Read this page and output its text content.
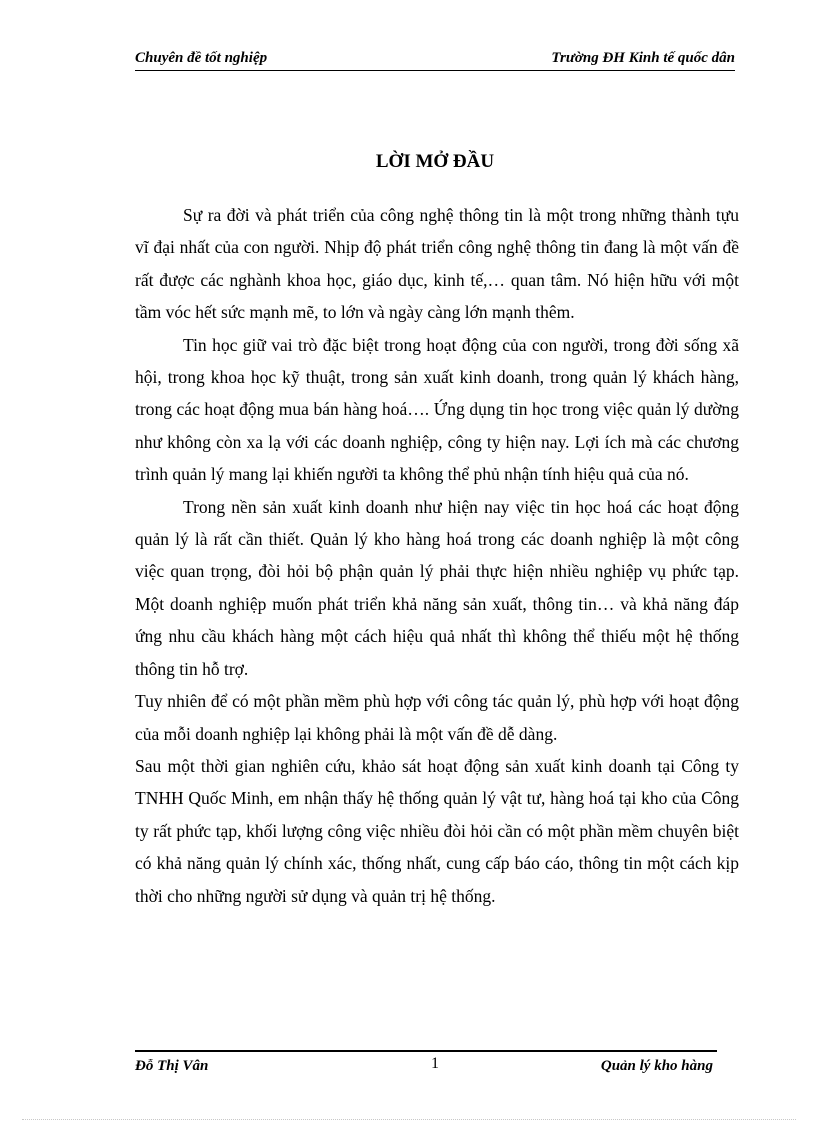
Chuyên đề tốt nghiệp	Trường ĐH Kinh tế quốc dân
LỜI MỞ ĐẦU

Sự ra đời và phát triển của công nghệ thông tin là một trong những thành tựu vĩ đại nhất của con người. Nhịp độ phát triển công nghệ thông tin đang là một vấn đề rất được các nghành khoa học, giáo dục, kinh tế,… quan tâm. Nó hiện hữu với một tầm vóc hết sức mạnh mẽ, to lớn và ngày càng lớn mạnh thêm.

Tin học giữ vai trò đặc biệt trong hoạt động của con người, trong đời sống xã hội, trong khoa học kỹ thuật, trong sản xuất kinh doanh, trong quản lý khách hàng, trong các hoạt động mua bán hàng hoá…. Ứng dụng tin học trong việc quản lý dường như không còn xa lạ với các doanh nghiệp, công ty hiện nay. Lợi ích mà các chương trình quản lý mang lại khiến người ta không thể phủ nhận tính hiệu quả của nó.

Trong nền sản xuất kinh doanh như hiện nay việc tin học hoá các hoạt động quản lý là rất cần thiết. Quản lý kho hàng hoá trong các doanh nghiệp là một công việc quan trọng, đòi hỏi bộ phận quản lý phải thực hiện nhiều nghiệp vụ phức tạp. Một doanh nghiệp muốn phát triển khả năng sản xuất, thông tin… và khả năng đáp ứng nhu cầu khách hàng một cách hiệu quả nhất thì không thể thiếu một hệ thống thông tin hỗ trợ.

Tuy nhiên để có một phần mềm phù hợp với công tác quản lý, phù hợp với hoạt động của mỗi doanh nghiệp lại không phải là một vấn đề dễ dàng.

Sau một thời gian nghiên cứu, khảo sát hoạt động sản xuất kinh doanh tại Công ty TNHH Quốc Minh, em nhận thấy hệ thống quản lý vật tư, hàng hoá tại kho của Công ty rất phức tạp, khối lượng công việc nhiều đòi hỏi cần có một phần mềm chuyên biệt có khả năng quản lý chính xác, thống nhất, cung cấp báo cáo, thông tin một cách kịp thời cho những người sử dụng và quản trị hệ thống.

Đỗ Thị Vân	1	Quản lý kho hàng
